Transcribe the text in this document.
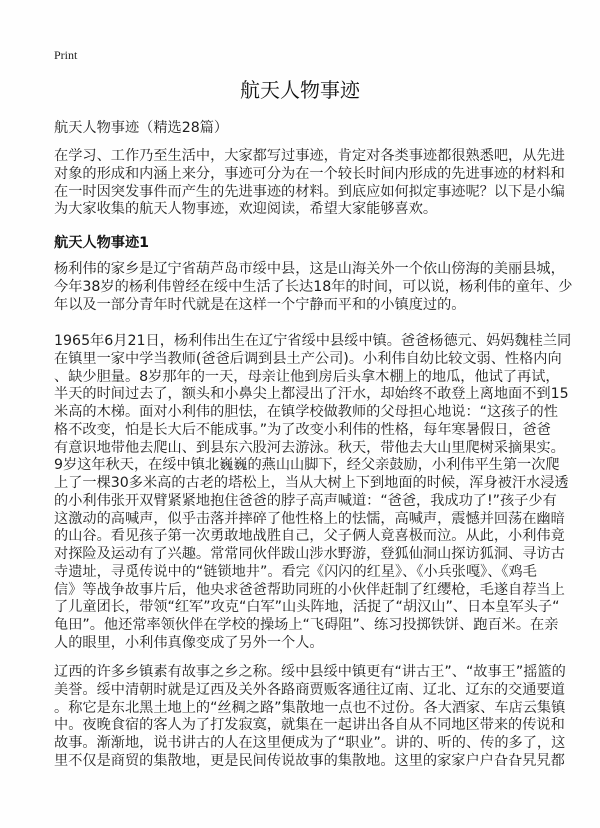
Print
航天人物事迹
航天人物事迹（精选28篇）
在学习、工作乃至生活中，大家都写过事迹，肯定对各类事迹都很熟悉吧，从先进
对象的形成和内涵上来分，事迹可分为在一个较长时间内形成的先进事迹的材料和
在一时因突发事件而产生的先进事迹的材料。到底应如何拟定事迹呢？以下是小编
为大家收集的航天人物事迹，欢迎阅读，希望大家能够喜欢。
航天人物事迹1
杨利伟的家乡是辽宁省葫芦岛市绥中县，这是山海关外一个依山傍海的美丽县城，
今年38岁的杨利伟曾经在绥中生活了长达18年的时间，可以说，杨利伟的童年、少
年以及一部分青年时代就是在这样一个宁静而平和的小镇度过的。
1965年6月21日，杨利伟出生在辽宁省绥中县绥中镇。爸爸杨德元、妈妈魏桂兰同
在镇里一家中学当教师(爸爸后调到县土产公司)。小利伟自幼比较文弱、性格内向
、缺少胆量。8岁那年的一天，母亲让他到房后头拿木棚上的地瓜，他试了再试，
半天的时间过去了，额头和小鼻尖上都浸出了汗水，却始终不敢登上离地面不到15
米高的木梯。面对小利伟的胆怯，在镇学校做教师的父母担心地说：“这孩子的性
格不改变，怕是长大后不能成事。”为了改变小利伟的性格，每年寒暑假日，爸爸
有意识地带他去爬山、到县东六股河去游泳。秋天，带他去大山里爬树采摘果实。
9岁这年秋天，在绥中镇北巍巍的燕山山脚下，经父亲鼓励，小利伟平生第一次爬
上了一棵30多米高的古老的塔松上，当从大树上下到地面的时候，浑身被汗水浸透
的小利伟张开双臂紧紧地抱住爸爸的脖子高声喊道：“爸爸，我成功了!”孩子少有
这激动的高喊声，似乎击落并摔碎了他性格上的怯懦，高喊声，震憾并回荡在幽暗
的山谷。看见孩子第一次勇敢地战胜自己，父子俩人竟喜极而泣。从此，小利伟竟
对探险及运动有了兴趣。常常同伙伴跋山涉水野游，登狐仙洞山探访狐洞、寻访古
寺遗址，寻觅传说中的“链锁地井”。看完《闪闪的红星》、《小兵张嘎》、《鸡毛
信》等战争故事片后，他央求爸爸帮助同班的小伙伴赶制了红缨枪，毛遂自荐当上
了儿童团长，带领“红军”攻克“白军”山头阵地，活捉了“胡汉山”、日本皇军头子“
龟田”。他还常率领伙伴在学校的操场上“飞碍阻”、练习投掷铁饼、跑百米。在亲
人的眼里，小利伟真像变成了另外一个人。
辽西的许多乡镇素有故事之乡之称。绥中县绥中镇更有“讲古王”、“故事王”摇篮的
美誉。绥中清朝时就是辽西及关外各路商贾贩客通往辽南、辽北、辽东的交通要道
。称它是东北黑土地上的“丝稠之路”集散地一点也不过份。各大酒家、车店云集镇
中。夜晚食宿的客人为了打发寂寞，就集在一起讲出各自从不同地区带来的传说和
故事。渐渐地，说书讲古的人在这里便成为了“职业”。讲的、听的、传的多了，这
里不仅是商贸的集散地，更是民间传说故事的集散地。这里的家家户户旮旮旯旯都
